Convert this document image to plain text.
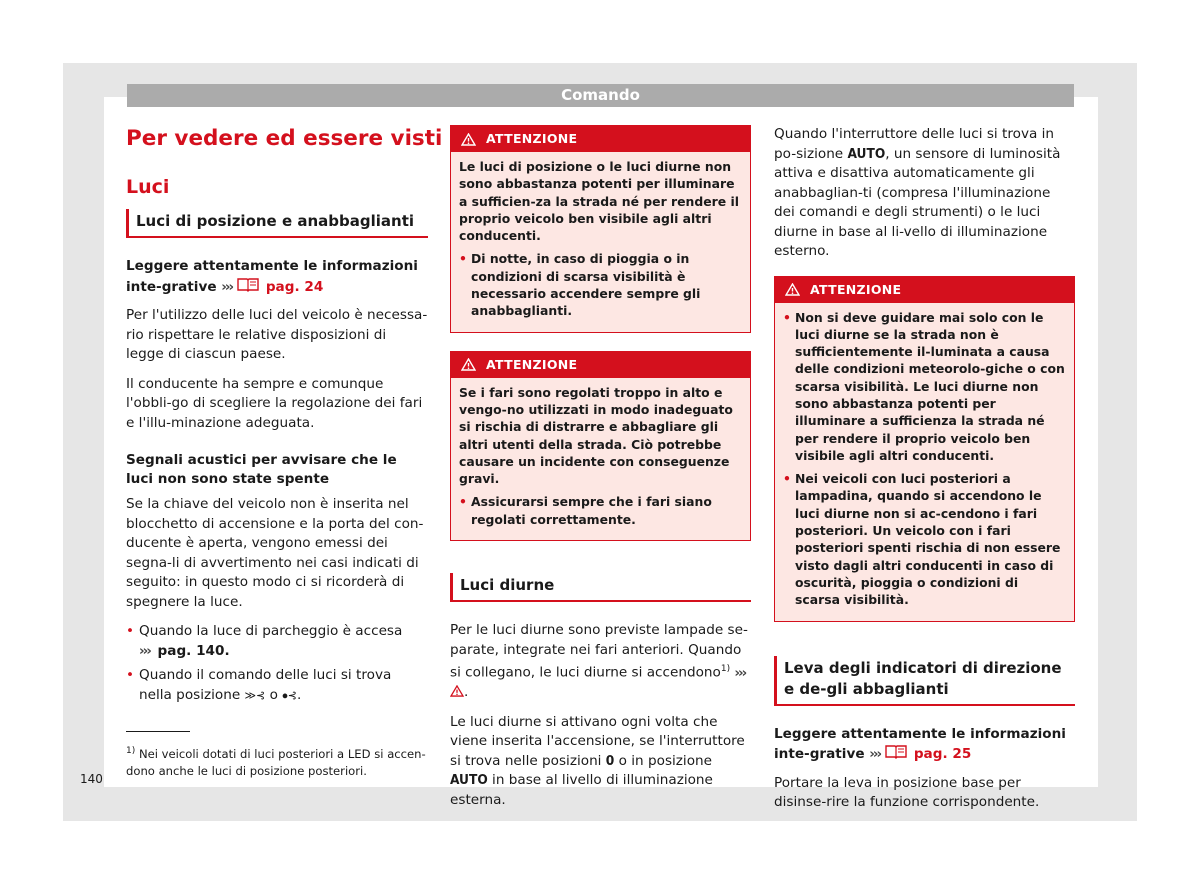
Comando
Per vedere ed essere visti
Luci
Luci di posizione e anabbaglianti
Leggere attentamente le informazioni inte-grative ››› pag. 24
Per l'utilizzo delle luci del veicolo è necessa-rio rispettare le relative disposizioni di legge di ciascun paese.
Il conducente ha sempre e comunque l'obbli-go di scegliere la regolazione dei fari e l'illu-minazione adeguata.
Segnali acustici per avvisare che le luci non sono state spente
Se la chiave del veicolo non è inserita nel blocchetto di accensione e la porta del con-ducente è aperta, vengono emessi dei segna-li di avvertimento nei casi indicati di seguito: in questo modo ci si ricorderà di spegnere la luce.
• Quando la luce di parcheggio è accesa
››› pag. 140.
• Quando il comando delle luci si trova nella posizione ≫⊰ o ⦁⊰.
$^{1)}$ Nei veicoli dotati di luci posteriori a LED si accen-dono anche le luci di posizione posteriori.
140
ATTENZIONE
Le luci di posizione o le luci diurne non sono abbastanza potenti per illuminare a sufficien-za la strada né per rendere il proprio veicolo ben visibile agli altri conducenti.
• Di notte, in caso di pioggia o in condizioni di scarsa visibilità è necessario accendere sempre gli anabbaglianti.
ATTENZIONE
Se i fari sono regolati troppo in alto e vengo-no utilizzati in modo inadeguato si rischia di distrarre e abbagliare gli altri utenti della strada. Ciò potrebbe causare un incidente con conseguenze gravi.
• Assicurarsi sempre che i fari siano regolati correttamente.
Luci diurne
Per le luci diurne sono previste lampade se-parate, integrate nei fari anteriori. Quando si collegano, le luci diurne si accendono$^{1)}$ ›››.
Le luci diurne si attivano ogni volta che viene inserita l'accensione, se l'interruttore si trova nelle posizioni 0 o in posizione AUTO in base al livello di illuminazione esterna.
Quando l'interruttore delle luci si trova in po-sizione AUTO, un sensore di luminosità attiva e disattiva automaticamente gli anabbaglian-ti (compresa l'illuminazione dei comandi e degli strumenti) o le luci diurne in base al li-vello di illuminazione esterno.
ATTENZIONE
• Non si deve guidare mai solo con le luci diurne se la strada non è sufficientemente il-luminata a causa delle condizioni meteorolo-giche o con scarsa visibilità. Le luci diurne non sono abbastanza potenti per illuminare a sufficienza la strada né per rendere il proprio veicolo ben visibile agli altri conducenti.
• Nei veicoli con luci posteriori a lampadina, quando si accendono le luci diurne non si ac-cendono i fari posteriori. Un veicolo con i fari posteriori spenti rischia di non essere visto dagli altri conducenti in caso di oscurità, pioggia o condizioni di scarsa visibilità.
Leva degli indicatori di direzione e de-gli abbaglianti
Leggere attentamente le informazioni inte-grative ››› pag. 25
Portare la leva in posizione base per disinse-rire la funzione corrispondente.
